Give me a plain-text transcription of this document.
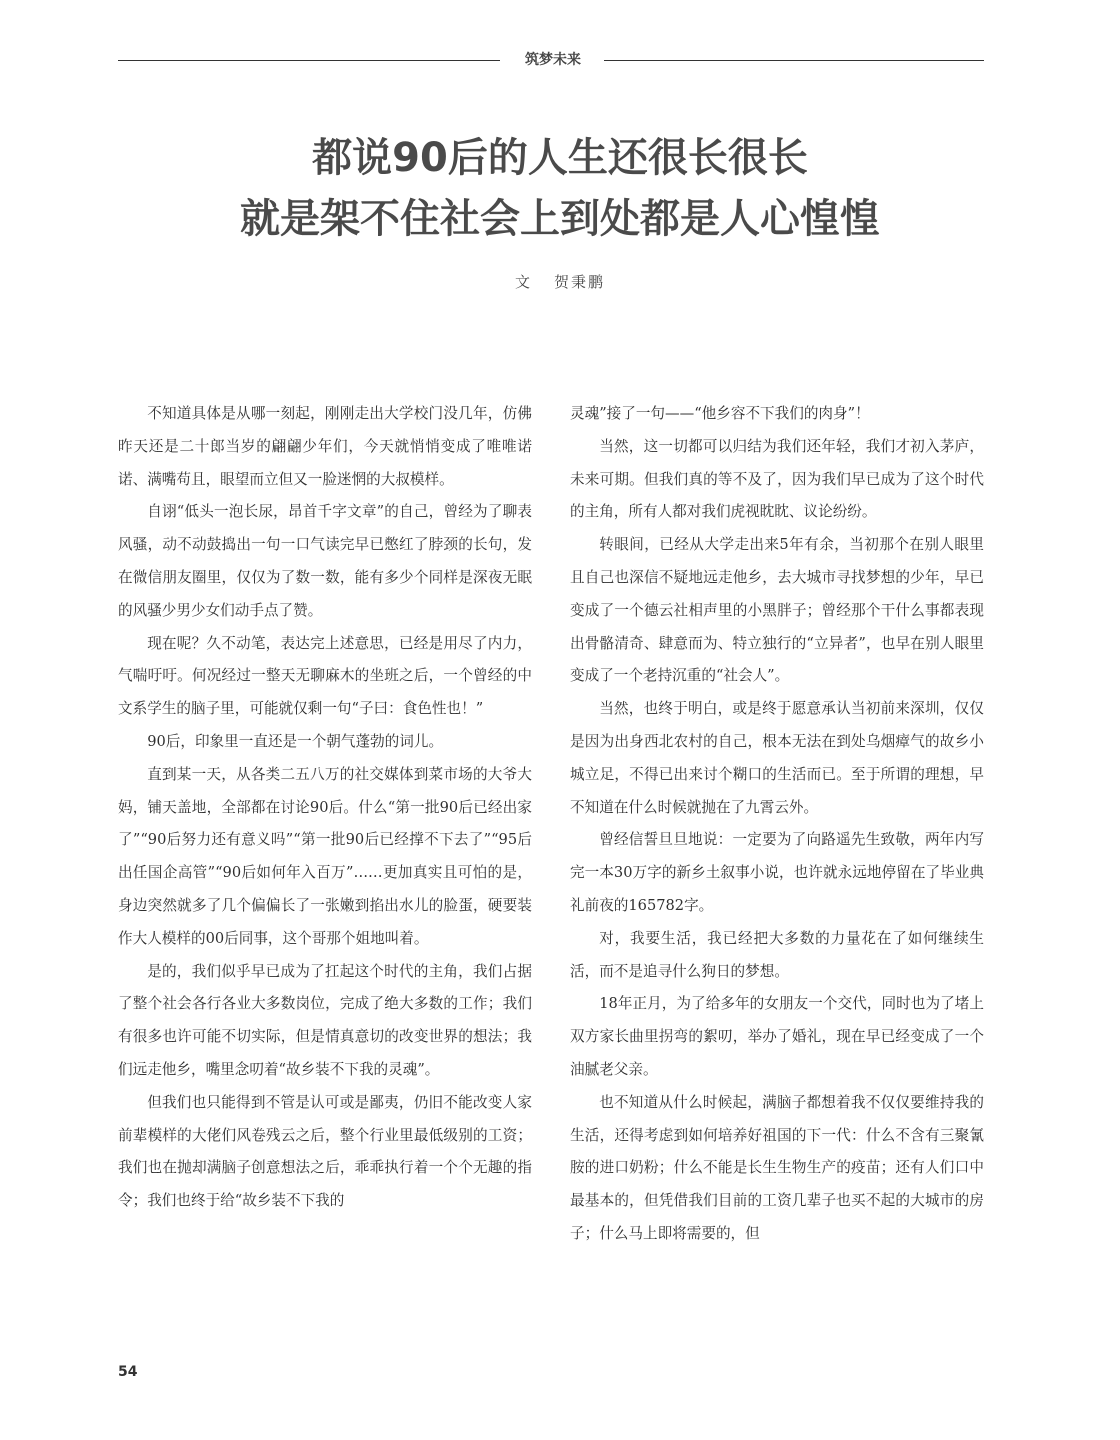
筑梦未来
都说90后的人生还很长很长
就是架不住社会上到处都是人心惶惶
文 贺秉鹏

不知道具体是从哪一刻起，刚刚走出大学校门没几年，仿佛昨天还是二十郎当岁的翩翩少年们，今天就悄悄变成了唯唯诺诺、满嘴苟且，眼望而立但又一脸迷惘的大叔模样。

自诩“低头一泡长尿，昂首千字文章”的自己，曾经为了聊表风骚，动不动鼓捣出一句一口气读完早已憋红了脖颈的长句，发在微信朋友圈里，仅仅为了数一数，能有多少个同样是深夜无眠的风骚少男少女们动手点了赞。

现在呢？久不动笔，表达完上述意思，已经是用尽了内力，气喘吁吁。何况经过一整天无聊麻木的坐班之后，一个曾经的中文系学生的脑子里，可能就仅剩一句“子曰：食色性也！”

90后，印象里一直还是一个朝气蓬勃的词儿。

直到某一天，从各类二五八万的社交媒体到菜市场的大爷大妈，铺天盖地，全部都在讨论90后。什么“第一批90后已经出家了”“90后努力还有意义吗”“第一批90后已经撑不下去了”“95后出任国企高管”“90后如何年入百万”……更加真实且可怕的是，身边突然就多了几个偏偏长了一张嫩到掐出水儿的脸蛋，硬要装作大人模样的00后同事，这个哥那个姐地叫着。

是的，我们似乎早已成为了扛起这个时代的主角，我们占据了整个社会各行各业大多数岗位，完成了绝大多数的工作；我们有很多也许可能不切实际，但是情真意切的改变世界的想法；我们远走他乡，嘴里念叨着“故乡装不下我的灵魂”。

但我们也只能得到不管是认可或是鄙夷，仍旧不能改变人家前辈模样的大佬们风卷残云之后，整个行业里最低级别的工资；我们也在抛却满脑子创意想法之后，乖乖执行着一个个无趣的指令；我们也终于给“故乡装不下我的

灵魂”接了一句——“他乡容不下我们的肉身”！

当然，这一切都可以归结为我们还年轻，我们才初入茅庐，未来可期。但我们真的等不及了，因为我们早已成为了这个时代的主角，所有人都对我们虎视眈眈、议论纷纷。

转眼间，已经从大学走出来5年有余，当初那个在别人眼里且自己也深信不疑地远走他乡，去大城市寻找梦想的少年，早已变成了一个德云社相声里的小黑胖子；曾经那个干什么事都表现出骨骼清奇、肆意而为、特立独行的“立异者”，也早在别人眼里变成了一个老持沉重的“社会人”。

当然，也终于明白，或是终于愿意承认当初前来深圳，仅仅是因为出身西北农村的自己，根本无法在到处乌烟瘴气的故乡小城立足，不得已出来讨个糊口的生活而已。至于所谓的理想，早不知道在什么时候就抛在了九霄云外。

曾经信誓旦旦地说：一定要为了向路遥先生致敬，两年内写完一本30万字的新乡土叙事小说，也许就永远地停留在了毕业典礼前夜的165782字。

对，我要生活，我已经把大多数的力量花在了如何继续生活，而不是追寻什么狗日的梦想。

18年正月，为了给多年的女朋友一个交代，同时也为了堵上双方家长曲里拐弯的絮叨，举办了婚礼，现在早已经变成了一个油腻老父亲。

也不知道从什么时候起，满脑子都想着我不仅仅要维持我的生活，还得考虑到如何培养好祖国的下一代：什么不含有三聚氰胺的进口奶粉；什么不能是长生生物生产的疫苗；还有人们口中最基本的，但凭借我们目前的工资几辈子也买不起的大城市的房子；什么马上即将需要的，但

54
